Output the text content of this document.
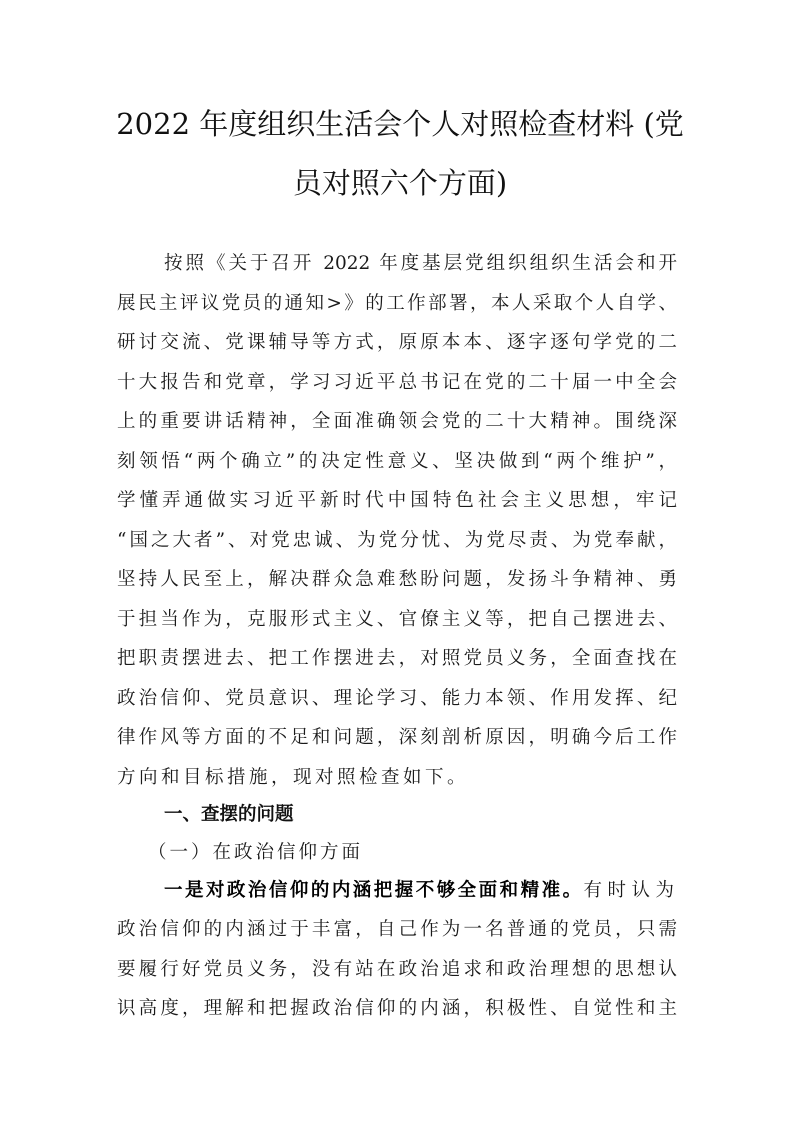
2022 年度组织生活会个人对照检查材料 (党
员对照六个方面)
按照《关于召开 2022 年度基层党组织组织生活会和开
展民主评议党员的通知>》的工作部署，本人采取个人自学、
研讨交流、党课辅导等方式，原原本本、逐字逐句学党的二
十大报告和党章，学习习近平总书记在党的二十届一中全会
上的重要讲话精神，全面准确领会党的二十大精神。围绕深
刻领悟“两个确立”的决定性意义、坚决做到“两个维护”，
学懂弄通做实习近平新时代中国特色社会主义思想，牢记
“国之大者”、对党忠诚、为党分忧、为党尽责、为党奉献，
坚持人民至上，解决群众急难愁盼问题，发扬斗争精神、勇
于担当作为，克服形式主义、官僚主义等，把自己摆进去、
把职责摆进去、把工作摆进去，对照党员义务，全面查找在
政治信仰、党员意识、理论学习、能力本领、作用发挥、纪
律作风等方面的不足和问题，深刻剖析原因，明确今后工作
方向和目标措施，现对照检查如下。
一、查摆的问题
（一）在政治信仰方面
一是对政治信仰的内涵把握不够全面和精准。有时认为
政治信仰的内涵过于丰富，自己作为一名普通的党员，只需
要履行好党员义务，没有站在政治追求和政治理想的思想认
识高度，理解和把握政治信仰的内涵，积极性、自觉性和主
